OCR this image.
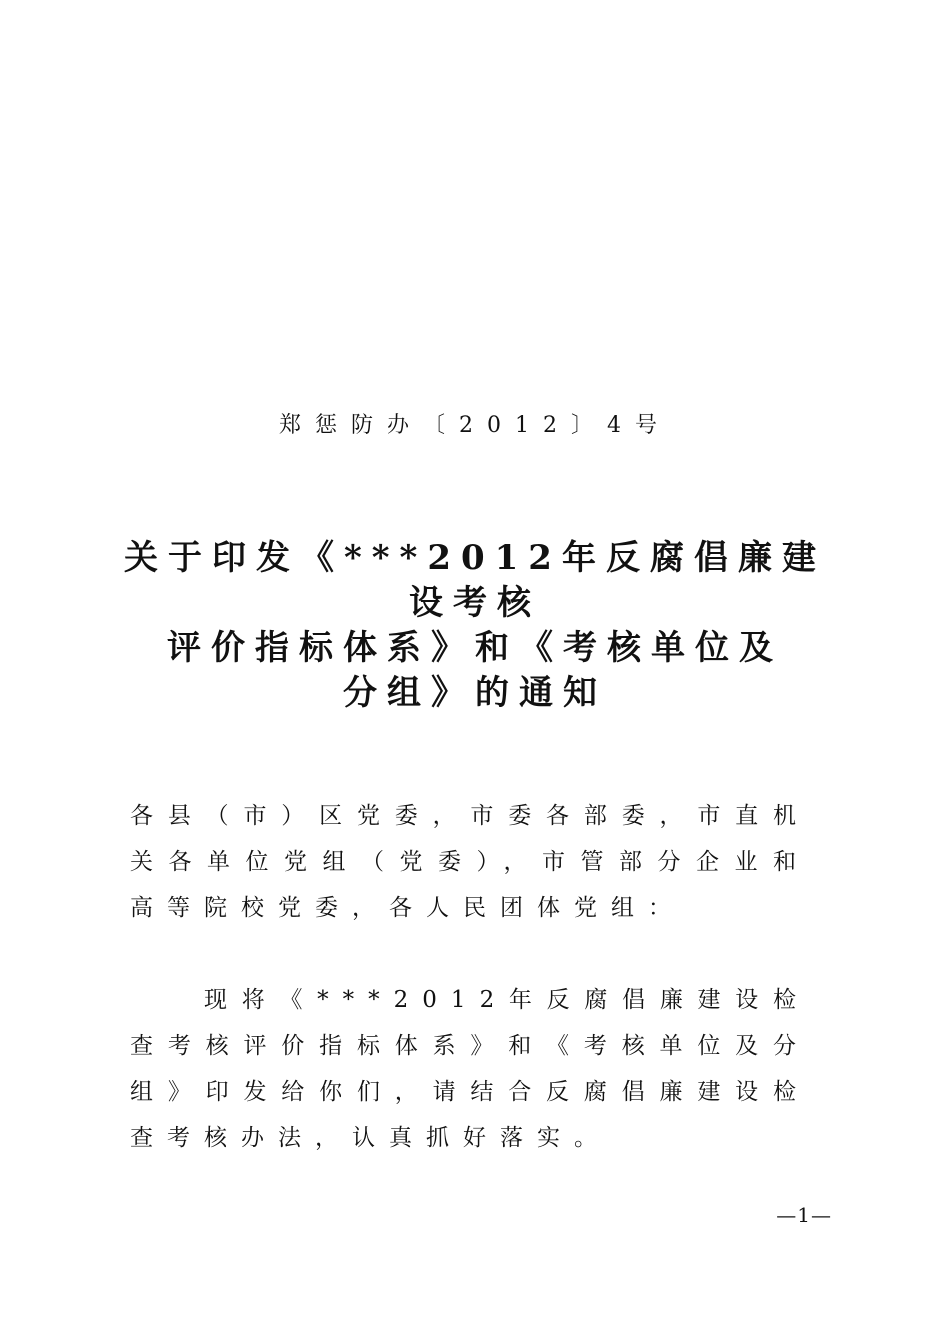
郑惩防办〔2012〕4号
关于印发《***2012年反腐倡廉建
设考核
评价指标体系》和《考核单位及
分组》的通知

各县（市）区党委，市委各部委，市直机关各单位党组（党委），市管部分企业和高等院校党委，各人民团体党组：

现将《***2012年反腐倡廉建设检查考核评价指标体系》和《考核单位及分组》印发给你们，请结合反腐倡廉建设检查考核办法，认真抓好落实。

—1—
